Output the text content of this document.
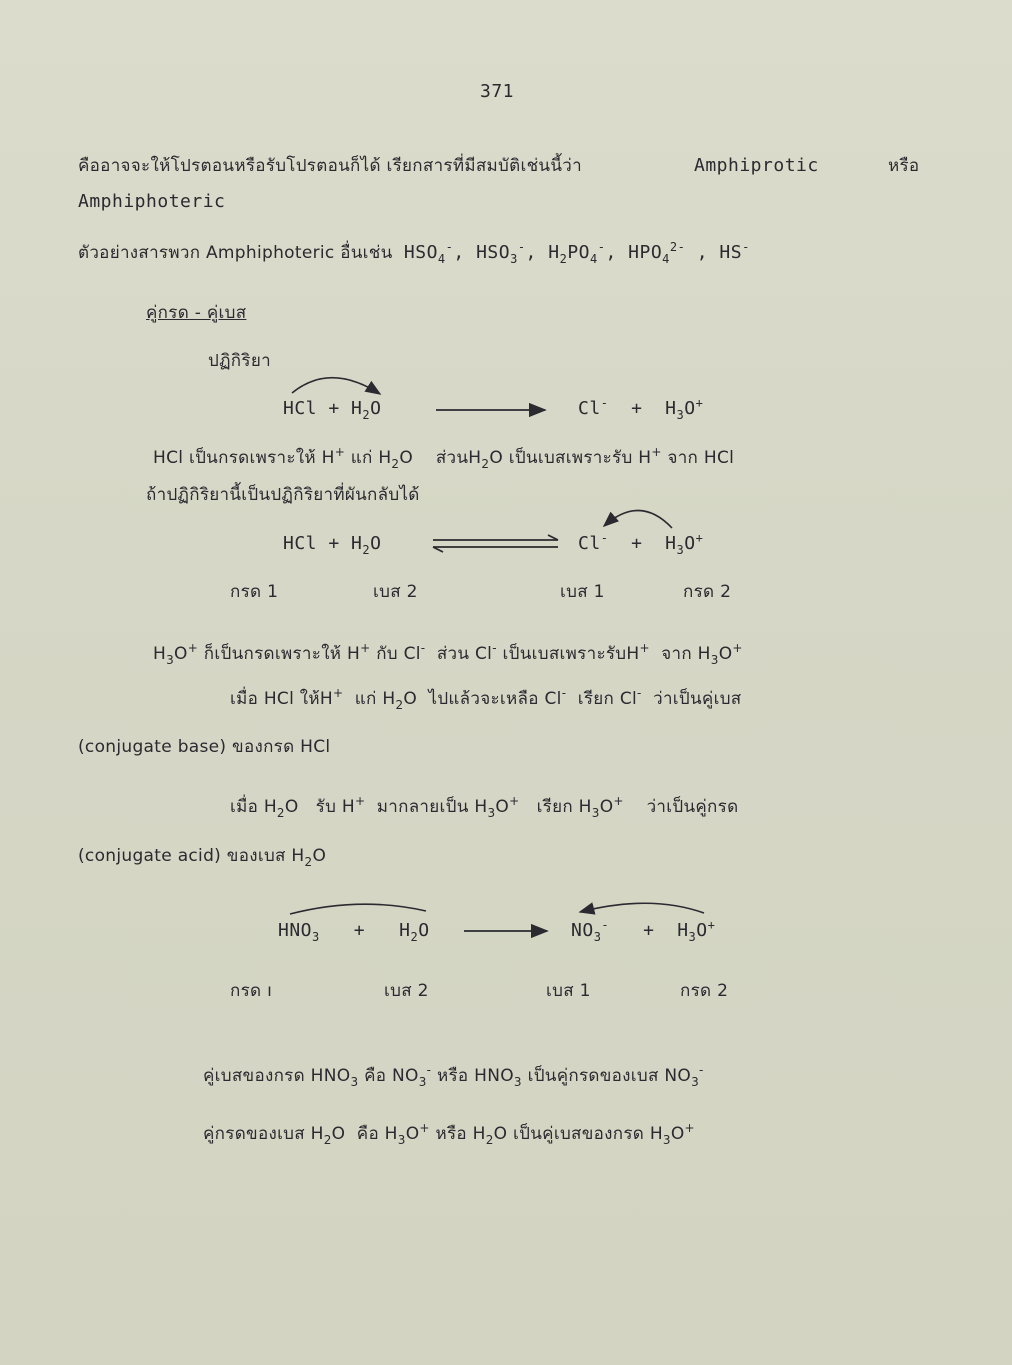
371
คืออาจจะให้โปรตอนหรือรับโปรตอนก็ได้ เรียกสารที่มีสมบัติเช่นนี้ว่า	Amphiprotic	หรือ
Amphiphoteric
ตัวอย่างสารพวก Amphiphoteric อื่นเช่น $HSO_4^-$, $HSO_3^-$, $H_2PO_4^-$, $HPO_4^{2-}$ , HS-
คู่กรด - คู่เบส
ปฏิกิริยา
HCl + $H_2O$	$Cl^- + H_3O^+$
HCl เป็นกรดเพราะให้ H+ แก่ $H_2O$ ส่วน$H_2O$ เป็นเบสเพราะรับ H+ จาก HCl
ถ้าปฏิกิริยานี้เป็นปฏิกิริยาที่ผันกลับได้
HCl + $H_2O$	$Cl^- + H_3O^+$
กรด 1	เบส 2	เบส 1	กรด 2
$H_3O^+$ ก็เป็นกรดเพราะให้ H+ กับ Cl- ส่วน Cl- เป็นเบสเพราะรับH+ จาก $H_3O^+$
เมื่อ HCl ให้H+ แก่ $H_2O$ ไปแล้วจะเหลือ Cl- เรียก Cl- ว่าเป็นคู่เบส
(conjugate base) ของกรด HCl
เมื่อ $H_2O$ รับ H+ มากลายเป็น $H_3O^+$ เรียก $H_3O^+$ ว่าเป็นคู่กรด
(conjugate acid) ของเบส $H_2O$
$HNO_3 + H_2O$	$NO_3^- + H_3O^+$
กรด ı	เบส 2	เบส 1	กรด 2
คู่เบสของกรด $HNO_3$ คือ $NO_3^-$ หรือ $HNO_3$ เป็นคู่กรดของเบส $NO_3^-$
คู่กรดของเบส $H_2O$ คือ $H_3O^+$ หรือ $H_2O$ เป็นคู่เบสของกรด $H_3O^+$
